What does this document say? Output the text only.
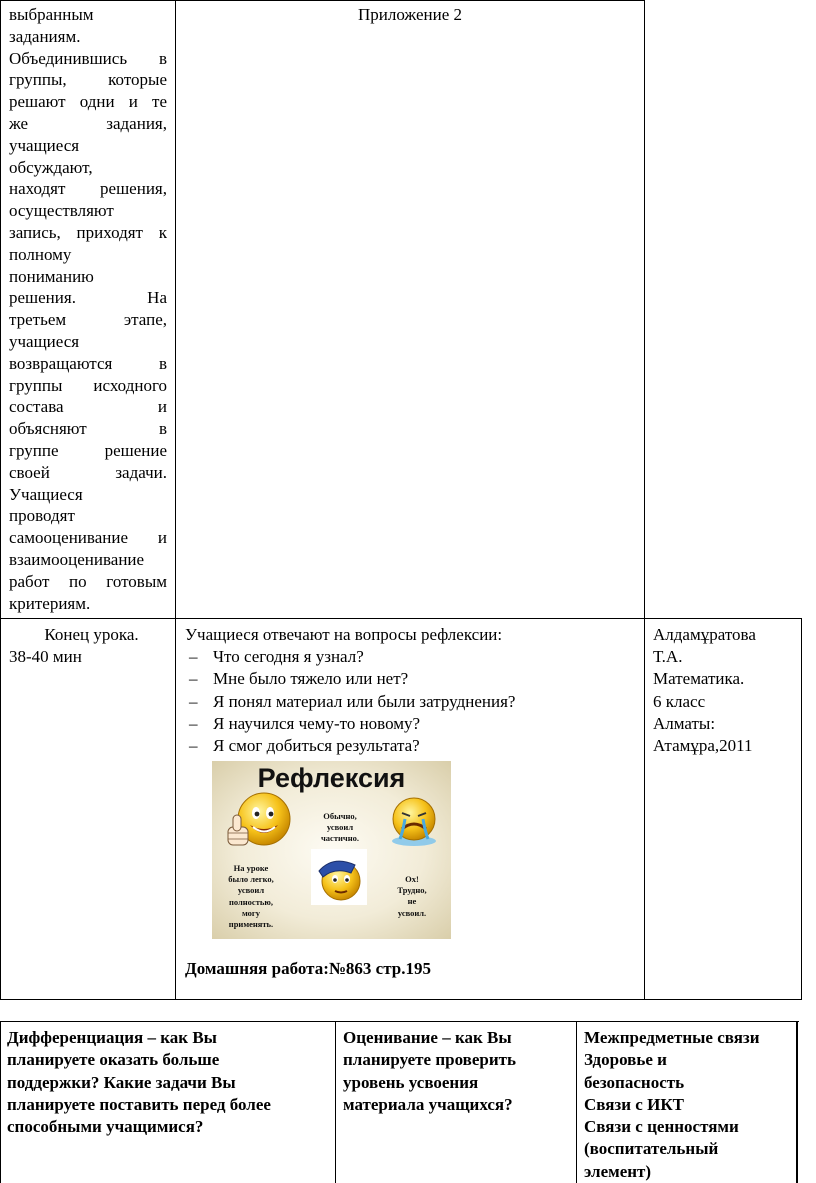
выбранным
заданиям.
Объединившись в
группы, которые
решают одни и те
же задания,
учащиеся
обсуждают,
находят решения,
осуществляют
запись, приходят к
полному
пониманию
решения. На
третьем этапе,
учащиеся
возвращаются в
группы исходного
состава и
объясняют в
группе решение
своей задачи.
Учащиеся
проводят
самооценивание и
взаимооценивание
работ по готовым
критериям.
Приложение 2
Конец урока.
38-40 мин
Учащиеся отвечают на вопросы рефлексии:
– Что сегодня я узнал?
– Мне было тяжело или нет?
– Я понял материал или были затруднения?
– Я научился чему-то новому?
– Я смог добиться результата?
Рефлексия
Обычно,
усвоил
частично.
На уроке
было легко,
усвоил
полностью,
могу
применять.
Ох!
Трудно,
не
усвоил.
Домашняя работа:№863 стр.195
Алдамұратова
Т.А.
Математика.
6 класс
Алматы:
Атамұра,2011
Дифференциация – как Вы
планируете оказать больше
поддержки? Какие задачи Вы
планируете поставить перед более
способными учащимися?
Оценивание – как Вы
планируете проверить
уровень усвоения
материала учащихся?
Межпредметные связи
Здоровье и
безопасность
Связи с ИКТ
Связи с ценностями
(воспитательный
элемент)
